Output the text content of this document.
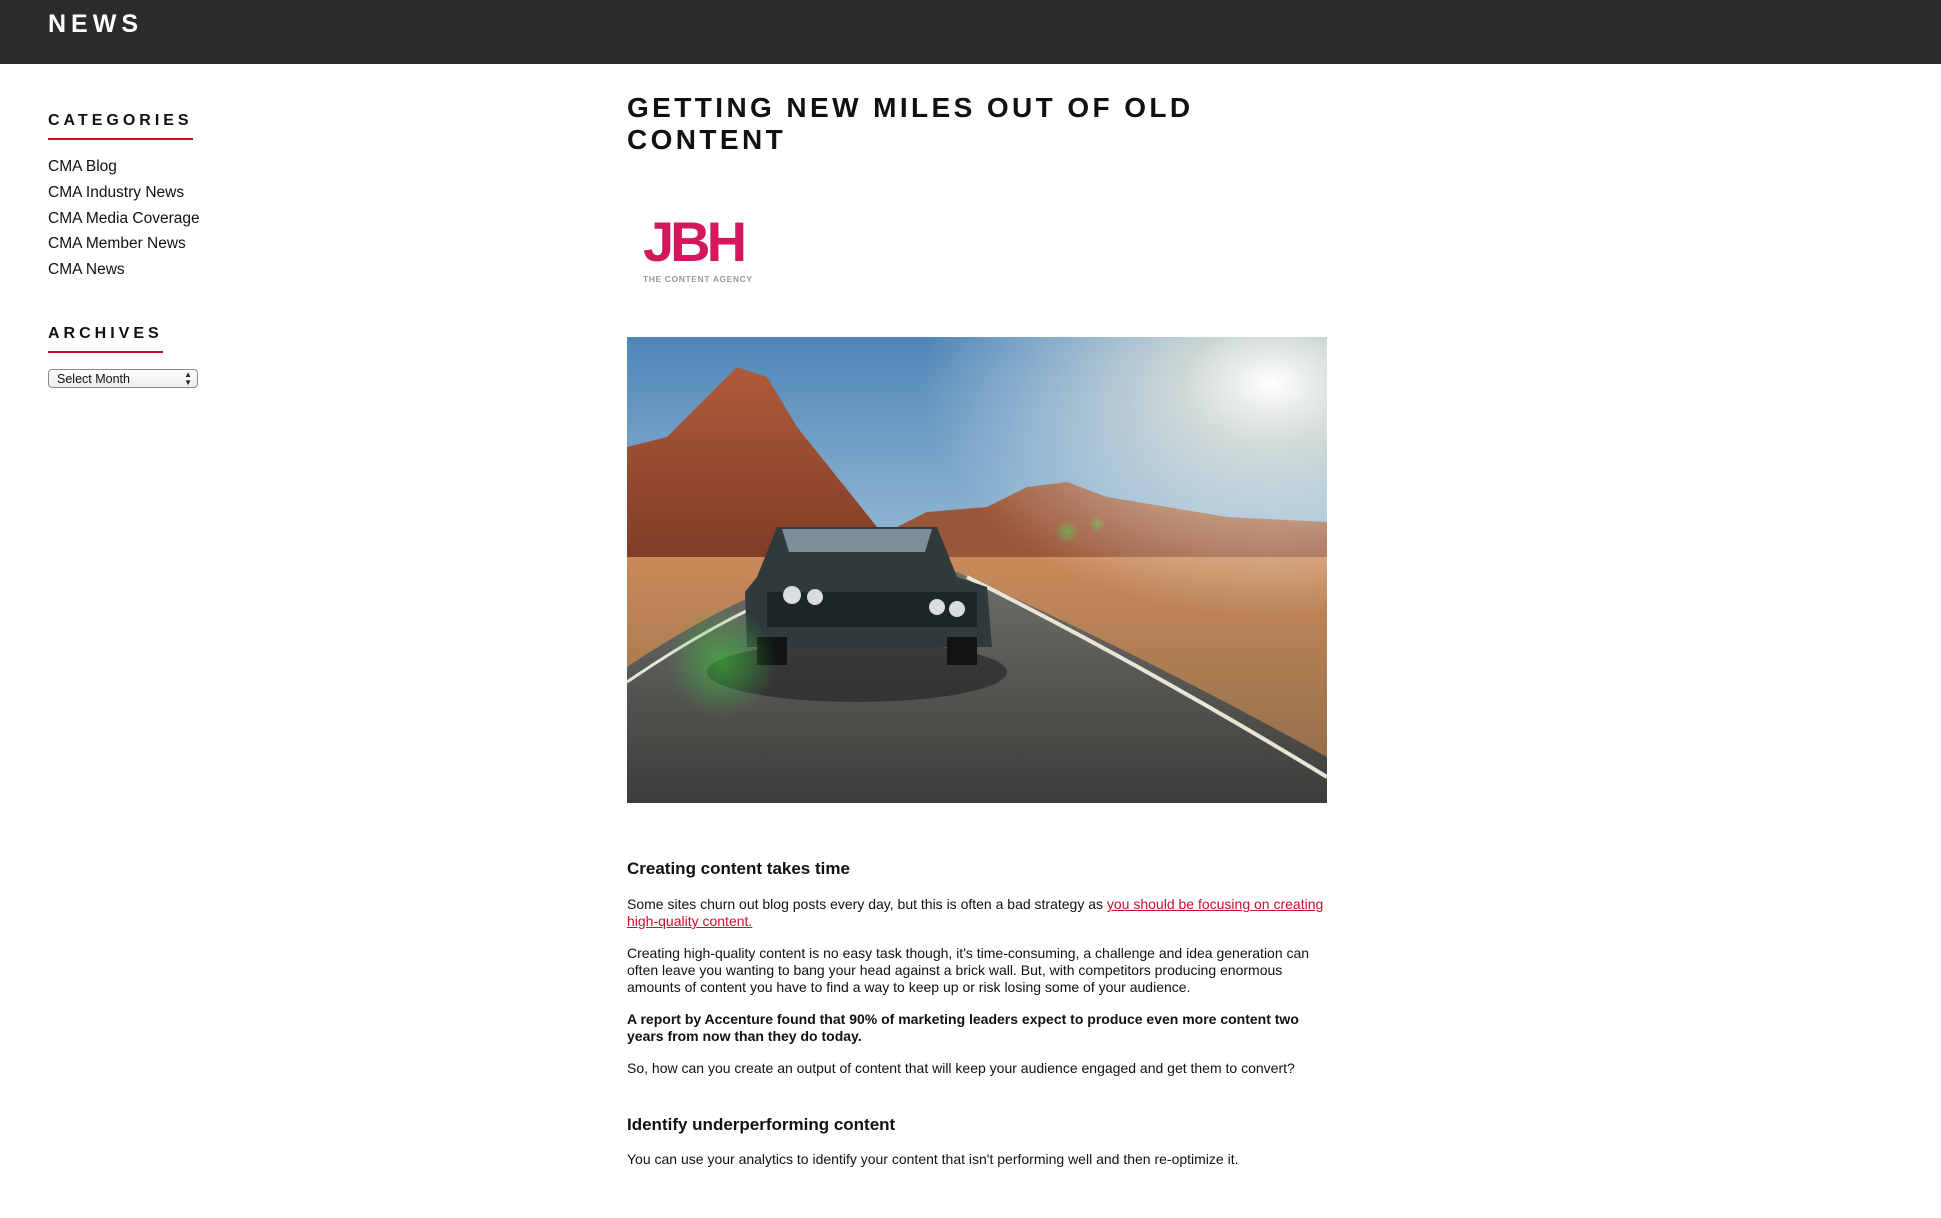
NEWS
CATEGORIES
CMA Blog
CMA Industry News
CMA Media Coverage
CMA Member News
CMA News
ARCHIVES
Select Month	▲
▼
GETTING NEW MILES OUT OF OLD CONTENT
JBH
THE CONTENT AGENCY
Creating content takes time

Some sites churn out blog posts every day, but this is often a bad strategy as you should be focusing on creating high-quality content.

Creating high-quality content is no easy task though, it's time-consuming, a challenge and idea generation can often leave you wanting to bang your head against a brick wall. But, with competitors producing enormous amounts of content you have to find a way to keep up or risk losing some of your audience.

A report by Accenture found that 90% of marketing leaders expect to produce even more content two years from now than they do today.

So, how can you create an output of content that will keep your audience engaged and get them to convert?

Identify underperforming content

You can use your analytics to identify your content that isn't performing well and then re-optimize it.
